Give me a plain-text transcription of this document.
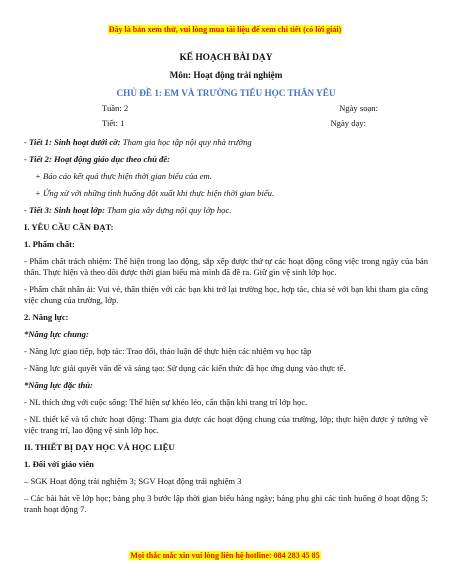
Đây là bản xem thử, vui lòng mua tài liệu để xem chi tiết (có lời giải)
KẾ HOẠCH BÀI DẠY
Môn: Hoạt động trải nghiệm
CHỦ ĐỀ 1: EM VÀ TRƯỜNG TIỂU HỌC THÂN YÊU
Tuần: 2	Ngày soạn:
Tiết: 1	Ngày dạy:
- Tiết 1: Sinh hoạt dưới cờ: Tham gia học tập nội quy nhà trường
- Tiết 2: Hoạt động giáo dục theo chủ đề:
+ Báo cáo kết quả thực hiện thời gian biểu của em.
+ Ứng xử với những tình huống đột xuất khi thực hiện thời gian biểu.
- Tiết 3: Sinh hoạt lớp: Tham gia xây dựng nội quy lớp học.
I. YÊU CẦU CẦN ĐẠT:
1. Phẩm chất:
- Phẩm chất trách nhiệm: Thể hiện trong lao động, sắp xếp được thứ tự các hoạt động công việc trong ngày của bản thân. Thực hiện và theo dõi được thời gian biểu mà mình đã đề ra. Giữ gìn vệ sinh lớp học.
- Phẩm chất nhân ái: Vui vẻ, thân thiện với các bạn khi trở lại trường học, hợp tác, chia sẻ với bạn khi tham gia công việc chung của trường, lớp.
2. Năng lực:
*Năng lực chung:
- Năng lực giao tiếp, hợp tác: Trao đổi, thảo luận để thực hiện các nhiệm vụ học tập
- Năng lực giải quyết vấn đề và sáng tạo: Sử dụng các kiến thức đã học ứng dụng vào thực tế.
*Năng lực đặc thù:
- NL thích ứng với cuộc sống: Thể hiện sự khéo léo, cẩn thận khi trang trí lớp học.
- NL thiết kế và tổ chức hoạt động: Tham gia được các hoạt động chung của trường, lớp; thực hiện được ý tưởng về việc trang trí, lao động vệ sinh lớp học.
II. THIẾT BỊ DẠY HỌC VÀ HỌC LIỆU
1. Đối với giáo viên
– SGK Hoạt động trải nghiệm 3; SGV Hoạt động trải nghiệm 3
– Các bài hát về lớp học; bảng phụ 3 bước lập thời gian biểu hàng ngày; bảng phụ ghi các tình huống ở hoạt động 5; tranh hoạt động 7.
Mọi thắc mắc xin vui lòng liên hệ hotline: 084 283 45 85
